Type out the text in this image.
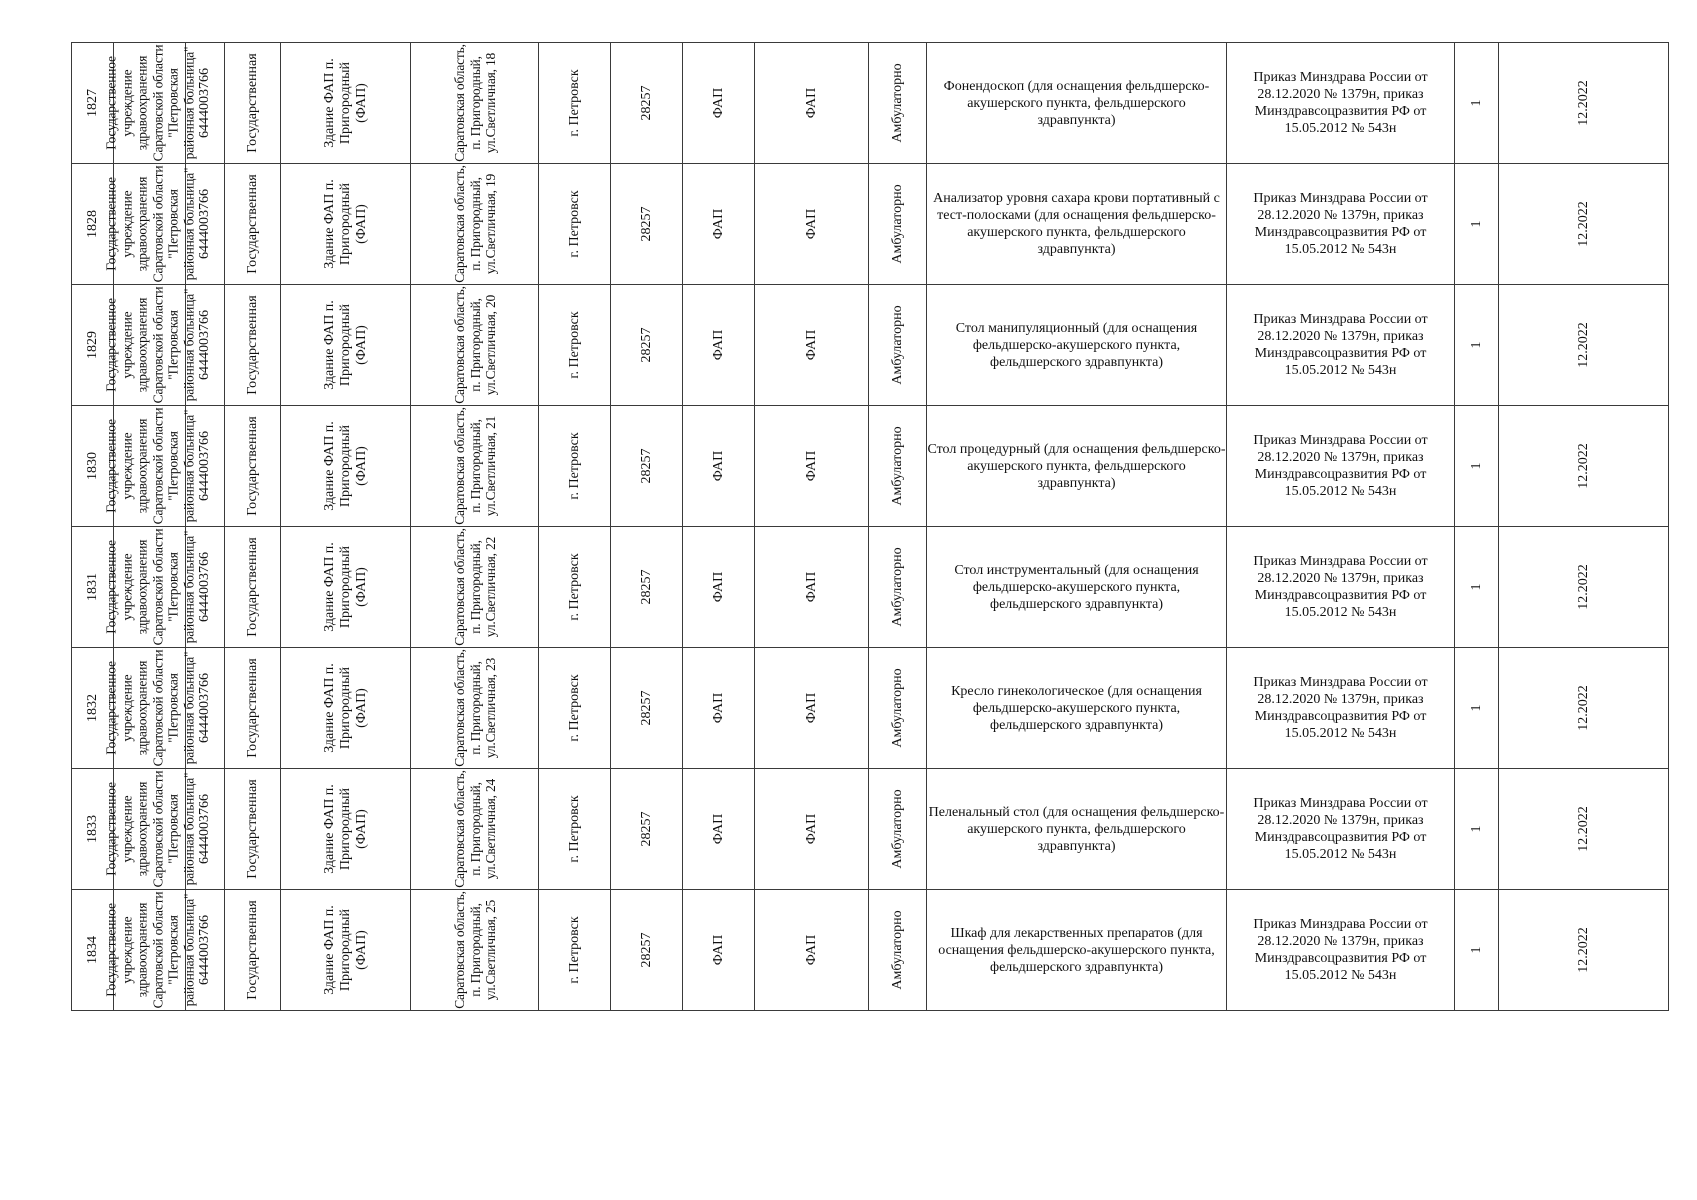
1827	Государственное учреждение здравоохранения Саратовской области "Петровская районная больница"	6444003766	Государственная	Здание ФАП п. Пригородный (ФАП)	Саратовская область, п. Пригородный, ул.Светличная, 18	г. Петровск	28257	ФАП	ФАП	Амбулаторно	Фонендоскоп (для оснащения фельдшерско-акушерского пункта, фельдшерского здравпункта)	Приказ Минздрава России от 28.12.2020 № 1379н, приказ Минздравсоцразвития РФ от 15.05.2012 № 543н	1	12.2022

1828	Государственное учреждение здравоохранения Саратовской области "Петровская районная больница"	6444003766	Государственная	Здание ФАП п. Пригородный (ФАП)	Саратовская область, п. Пригородный, ул.Светличная, 19	г. Петровск	28257	ФАП	ФАП	Амбулаторно	Анализатор уровня сахара крови портативный с тест-полосками (для оснащения фельдшерско-акушерского пункта, фельдшерского здравпункта)	Приказ Минздрава России от 28.12.2020 № 1379н, приказ Минздравсоцразвития РФ от 15.05.2012 № 543н	1	12.2022

1829	Государственное учреждение здравоохранения Саратовской области "Петровская районная больница"	6444003766	Государственная	Здание ФАП п. Пригородный (ФАП)	Саратовская область, п. Пригородный, ул.Светличная, 20	г. Петровск	28257	ФАП	ФАП	Амбулаторно	Стол манипуляционный (для оснащения фельдшерско-акушерского пункта, фельдшерского здравпункта)	Приказ Минздрава России от 28.12.2020 № 1379н, приказ Минздравсоцразвития РФ от 15.05.2012 № 543н	1	12.2022

1830	Государственное учреждение здравоохранения Саратовской области "Петровская районная больница"	6444003766	Государственная	Здание ФАП п. Пригородный (ФАП)	Саратовская область, п. Пригородный, ул.Светличная, 21	г. Петровск	28257	ФАП	ФАП	Амбулаторно	Стол процедурный (для оснащения фельдшерско-акушерского пункта, фельдшерского здравпункта)	Приказ Минздрава России от 28.12.2020 № 1379н, приказ Минздравсоцразвития РФ от 15.05.2012 № 543н	1	12.2022

1831	Государственное учреждение здравоохранения Саратовской области "Петровская районная больница"	6444003766	Государственная	Здание ФАП п. Пригородный (ФАП)	Саратовская область, п. Пригородный, ул.Светличная, 22	г. Петровск	28257	ФАП	ФАП	Амбулаторно	Стол инструментальный (для оснащения фельдшерско-акушерского пункта, фельдшерского здравпункта)	Приказ Минздрава России от 28.12.2020 № 1379н, приказ Минздравсоцразвития РФ от 15.05.2012 № 543н	1	12.2022

1832	Государственное учреждение здравоохранения Саратовской области "Петровская районная больница"	6444003766	Государственная	Здание ФАП п. Пригородный (ФАП)	Саратовская область, п. Пригородный, ул.Светличная, 23	г. Петровск	28257	ФАП	ФАП	Амбулаторно	Кресло гинекологическое (для оснащения фельдшерско-акушерского пункта, фельдшерского здравпункта)	Приказ Минздрава России от 28.12.2020 № 1379н, приказ Минздравсоцразвития РФ от 15.05.2012 № 543н	1	12.2022

1833	Государственное учреждение здравоохранения Саратовской области "Петровская районная больница"	6444003766	Государственная	Здание ФАП п. Пригородный (ФАП)	Саратовская область, п. Пригородный, ул.Светличная, 24	г. Петровск	28257	ФАП	ФАП	Амбулаторно	Пеленальный стол (для оснащения фельдшерско-акушерского пункта, фельдшерского здравпункта)	Приказ Минздрава России от 28.12.2020 № 1379н, приказ Минздравсоцразвития РФ от 15.05.2012 № 543н	1	12.2022

1834	Государственное учреждение здравоохранения Саратовской области "Петровская районная больница"	6444003766	Государственная	Здание ФАП п. Пригородный (ФАП)	Саратовская область, п. Пригородный, ул.Светличная, 25	г. Петровск	28257	ФАП	ФАП	Амбулаторно	Шкаф для лекарственных препаратов (для оснащения фельдшерско-акушерского пункта, фельдшерского здравпункта)	Приказ Минздрава России от 28.12.2020 № 1379н, приказ Минздравсоцразвития РФ от 15.05.2012 № 543н	1	12.2022
